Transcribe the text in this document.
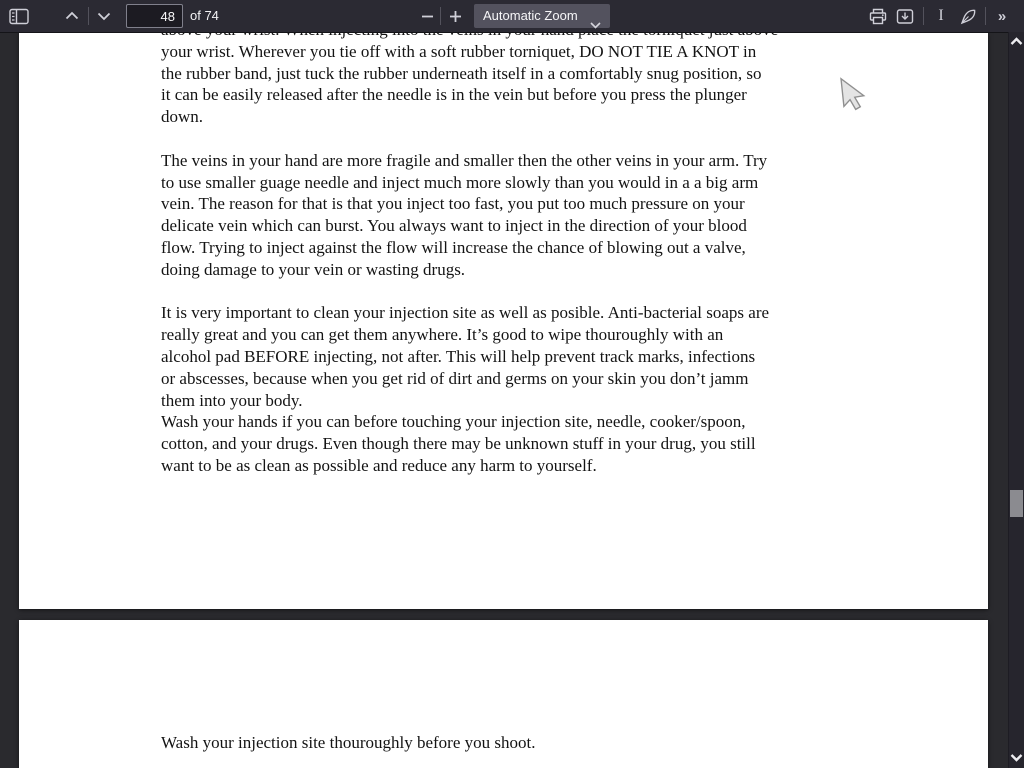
48
of 74	Automatic Zoom	I	»
your wrist. Wherever you tie off with a soft rubber torniquet, DO NOT TIE A KNOT in
the rubber band, just tuck the rubber underneath itself in a comfortably snug position, so
it can be easily released after the needle is in the vein but before you press the plunger
down.

The veins in your hand are more fragile and smaller then the other veins in your arm. Try
to use smaller guage needle and inject much more slowly than you would in a a big arm
vein. The reason for that is that you inject too fast, you put too much pressure on your
delicate vein which can burst. You always want to inject in the direction of your blood
flow. Trying to inject against the flow will increase the chance of blowing out a valve,
doing damage to your vein or wasting drugs.

It is very important to clean your injection site as well as posible. Anti-bacterial soaps are
really great and you can get them anywhere. It’s good to wipe thouroughly with an
alcohol pad BEFORE injecting, not after. This will help prevent track marks, infections
or abscesses, because when you get rid of dirt and germs on your skin you don’t jamm
them into your body.
Wash your hands if you can before touching your injection site, needle, cooker/spoon,
cotton, and your drugs. Even though there may be unknown stuff in your drug, you still
want to be as clean as possible and reduce any harm to yourself.
Wash your injection site thouroughly before you shoot.
